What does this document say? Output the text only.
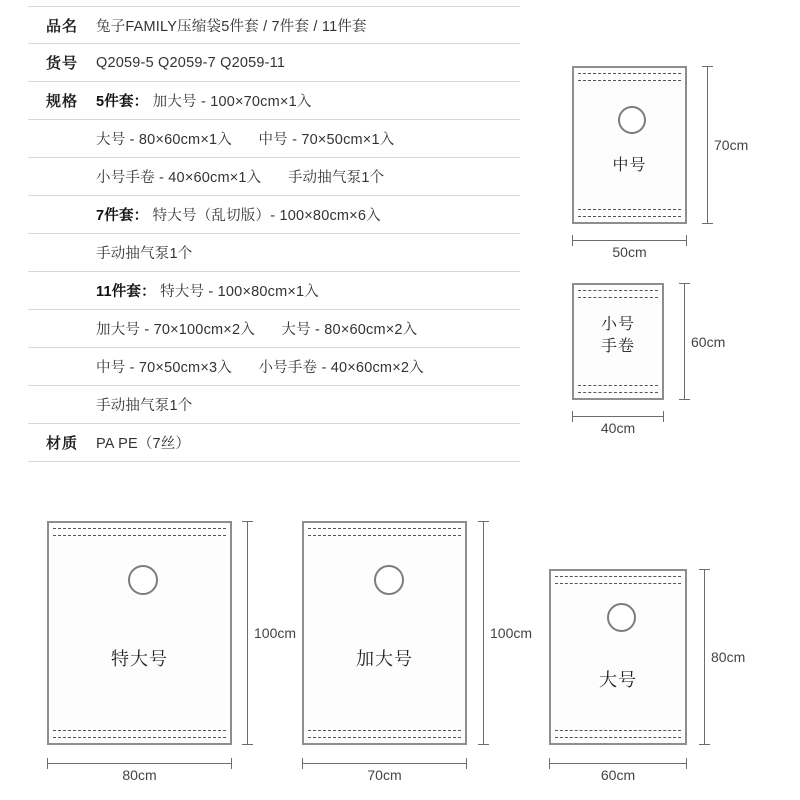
品名	兔子FAMILY压缩袋5件套 / 7件套 / 11件套
货号	Q2059-5 Q2059-7 Q2059-11
规格	5件套： 加大号 - 100×70cm×1入
大号 - 80×60cm×1入 中号 - 70×50cm×1入
小号手卷 - 40×60cm×1入 手动抽气泵1个
7件套： 特大号（乱切版）- 100×80cm×6入
手动抽气泵1个
11件套： 特大号 - 100×80cm×1入
加大号 - 70×100cm×2入 大号 - 80×60cm×2入
中号 - 70×50cm×3入 小号手卷 - 40×60cm×2入
手动抽气泵1个
材质	PA PE（7丝）
中号
70cm
50cm
小号
手卷	60cm
40cm
特大号
100cm
80cm
加大号
100cm
70cm
大号
80cm
60cm
